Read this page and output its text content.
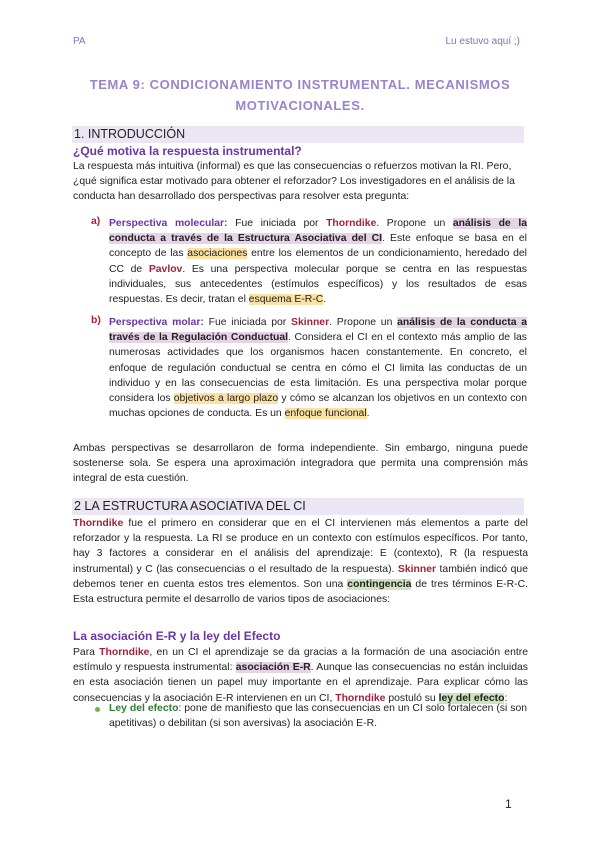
PA	Lu estuvo aquí ;)
TEMA 9: CONDICIONAMIENTO INSTRUMENTAL. MECANISMOS
MOTIVACIONALES.
1. INTRODUCCIÓN
¿Qué motiva la respuesta instrumental?
La respuesta más intuitiva (informal) es que las consecuencias o refuerzos motivan la RI. Pero, ¿qué significa estar motivado para obtener el reforzador? Los investigadores en el análisis de la conducta han desarrollado dos perspectivas para resolver esta pregunta:
a) Perspectiva molecular: Fue iniciada por Thorndike. Propone un análisis de la conducta a través de la Estructura Asociativa del CI. Este enfoque se basa en el concepto de las asociaciones entre los elementos de un condicionamiento, heredado del CC de Pavlov. Es una perspectiva molecular porque se centra en las respuestas individuales, sus antecedentes (estímulos específicos) y los resultados de esas respuestas. Es decir, tratan el esquema E-R-C.
b) Perspectiva molar: Fue iniciada por Skinner. Propone un análisis de la conducta a través de la Regulación Conductual. Considera el CI en el contexto más amplio de las numerosas actividades que los organismos hacen constantemente. En concreto, el enfoque de regulación conductual se centra en cómo el CI limita las conductas de un individuo y en las consecuencias de esta limitación. Es una perspectiva molar porque considera los objetivos a largo plazo y cómo se alcanzan los objetivos en un contexto con muchas opciones de conducta. Es un enfoque funcional.
Ambas perspectivas se desarrollaron de forma independiente. Sin embargo, ninguna puede sostenerse sola. Se espera una aproximación integradora que permita una comprensión más integral de esta cuestión.
2 LA ESTRUCTURA ASOCIATIVA DEL CI
Thorndike fue el primero en considerar que en el CI intervienen más elementos a parte del reforzador y la respuesta. La RI se produce en un contexto con estímulos específicos. Por tanto, hay 3 factores a considerar en el análisis del aprendizaje: E (contexto), R (la respuesta instrumental) y C (las consecuencias o el resultado de la respuesta). Skinner también indicó que debemos tener en cuenta estos tres elementos. Son una contingencia de tres términos E-R-C. Esta estructura permite el desarrollo de varios tipos de asociaciones:
La asociación E-R y la ley del Efecto
Para Thorndike, en un CI el aprendizaje se da gracias a la formación de una asociación entre estímulo y respuesta instrumental: asociación E-R. Aunque las consecuencias no están incluidas en esta asociación tienen un papel muy importante en el aprendizaje. Para explicar cómo las consecuencias y la asociación E-R intervienen en un CI, Thorndike postuló su ley del efecto:
Ley del efecto: pone de manifiesto que las consecuencias en un CI solo fortalecen (si son apetitivas) o debilitan (si son aversivas) la asociación E-R.
1
